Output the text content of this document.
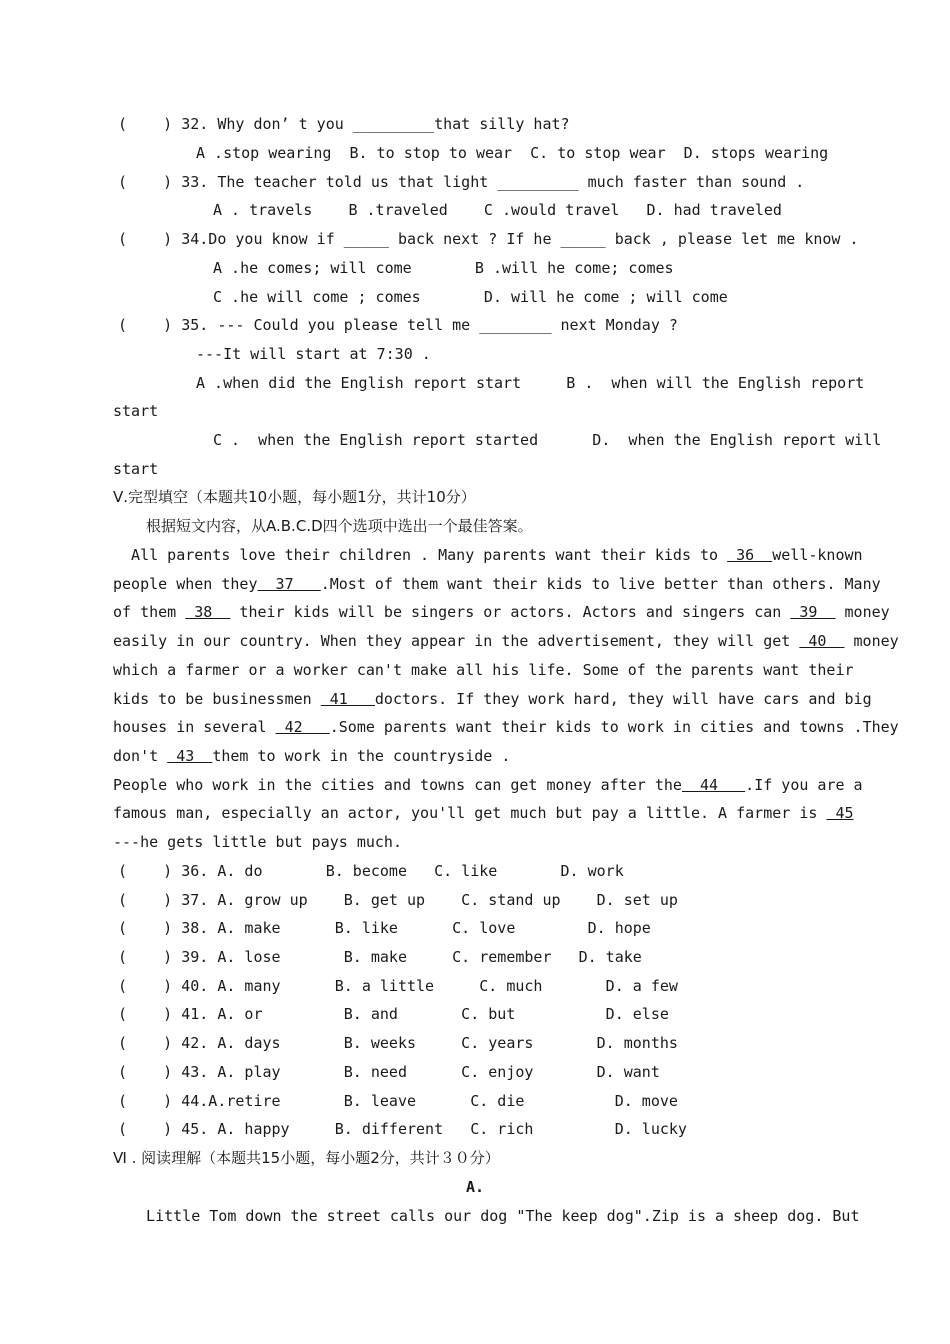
(    ) 32. Why don’ t you _________that silly hat?
A .stop wearing  B. to stop to wear  C. to stop wear  D. stops wearing
(    ) 33. The teacher told us that light _________ much faster than sound .
A . travels    B .traveled    C .would travel   D. had traveled
(    ) 34.Do you know if _____ back next ? If he _____ back , please let me know .
A .he comes; will come       B .will he come; comes
C .he will come ; comes       D. will he come ; will come
(    ) 35. --- Could you please tell me ________ next Monday ?
---It will start at 7:30 .
A .when did the English report start     B .  when will the English report
start
C .  when the English report started      D.  when the English report will
start
Ⅴ.完型填空（本题共10小题，每小题1分，共计10分）
根据短文内容，从A.B.C.D四个选项中选出一个最佳答案。
All parents love their children . Many parents want their kids to  36  well-known
people when they  37   .Most of them want their kids to live better than others. Many
of them  38   their kids will be singers or actors. Actors and singers can  39   money
easily in our country. When they appear in the advertisement, they will get  40   money
which a farmer or a worker can't make all his life. Some of the parents want their
kids to be businessmen  41   doctors. If they work hard, they will have cars and big
houses in several  42   .Some parents want their kids to work in cities and towns .They
don't  43  them to work in the countryside .
People who work in the cities and towns can get money after the  44   .If you are a
famous man, especially an actor, you'll get much but pay a little. A farmer is  45
---he gets little but pays much.
(    ) 36. A. do       B. become   C. like       D. work
(    ) 37. A. grow up    B. get up    C. stand up    D. set up
(    ) 38. A. make      B. like      C. love        D. hope
(    ) 39. A. lose       B. make     C. remember   D. take
(    ) 40. A. many      B. a little     C. much       D. a few
(    ) 41. A. or         B. and       C. but          D. else
(    ) 42. A. days       B. weeks     C. years       D. months
(    ) 43. A. play       B. need      C. enjoy       D. want
(    ) 44.A.retire       B. leave      C. die          D. move
(    ) 45. A. happy     B. different   C. rich         D. lucky
Ⅵ . 阅读理解（本题共15小题，每小题2分，共计３０分）
A.
Little Tom down the street calls our dog "The keep dog".Zip is a sheep dog. But
